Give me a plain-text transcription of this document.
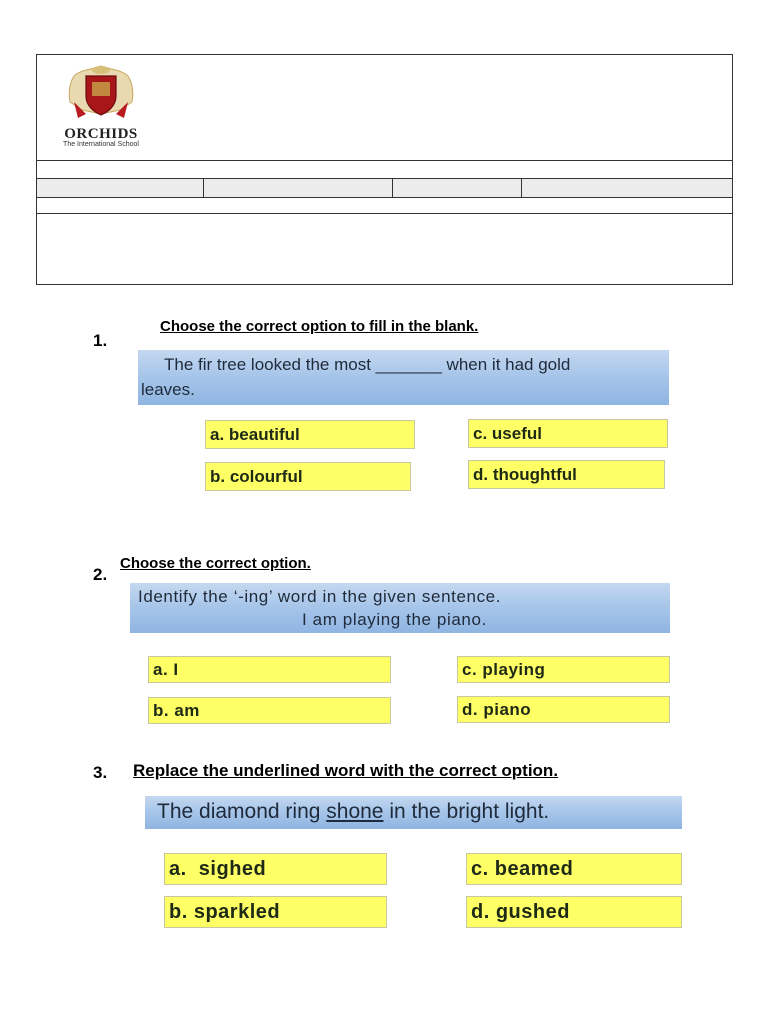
ORCHIDS
The International School
1.
Choose the correct option to fill in the blank.
The fir tree looked the most _______ when it had gold
leaves.
a. beautiful
b. colourful
c. useful
d. thoughtful
2.
Choose the correct option.
Identify the ‘-ing’ word in the given sentence.
I am playing the piano.
a. I
b. am
c. playing
d. piano
3. Replace the underlined word with the correct option.
The diamond ring shone in the bright light.
a.  sighed
b. sparkled
c. beamed
d. gushed
